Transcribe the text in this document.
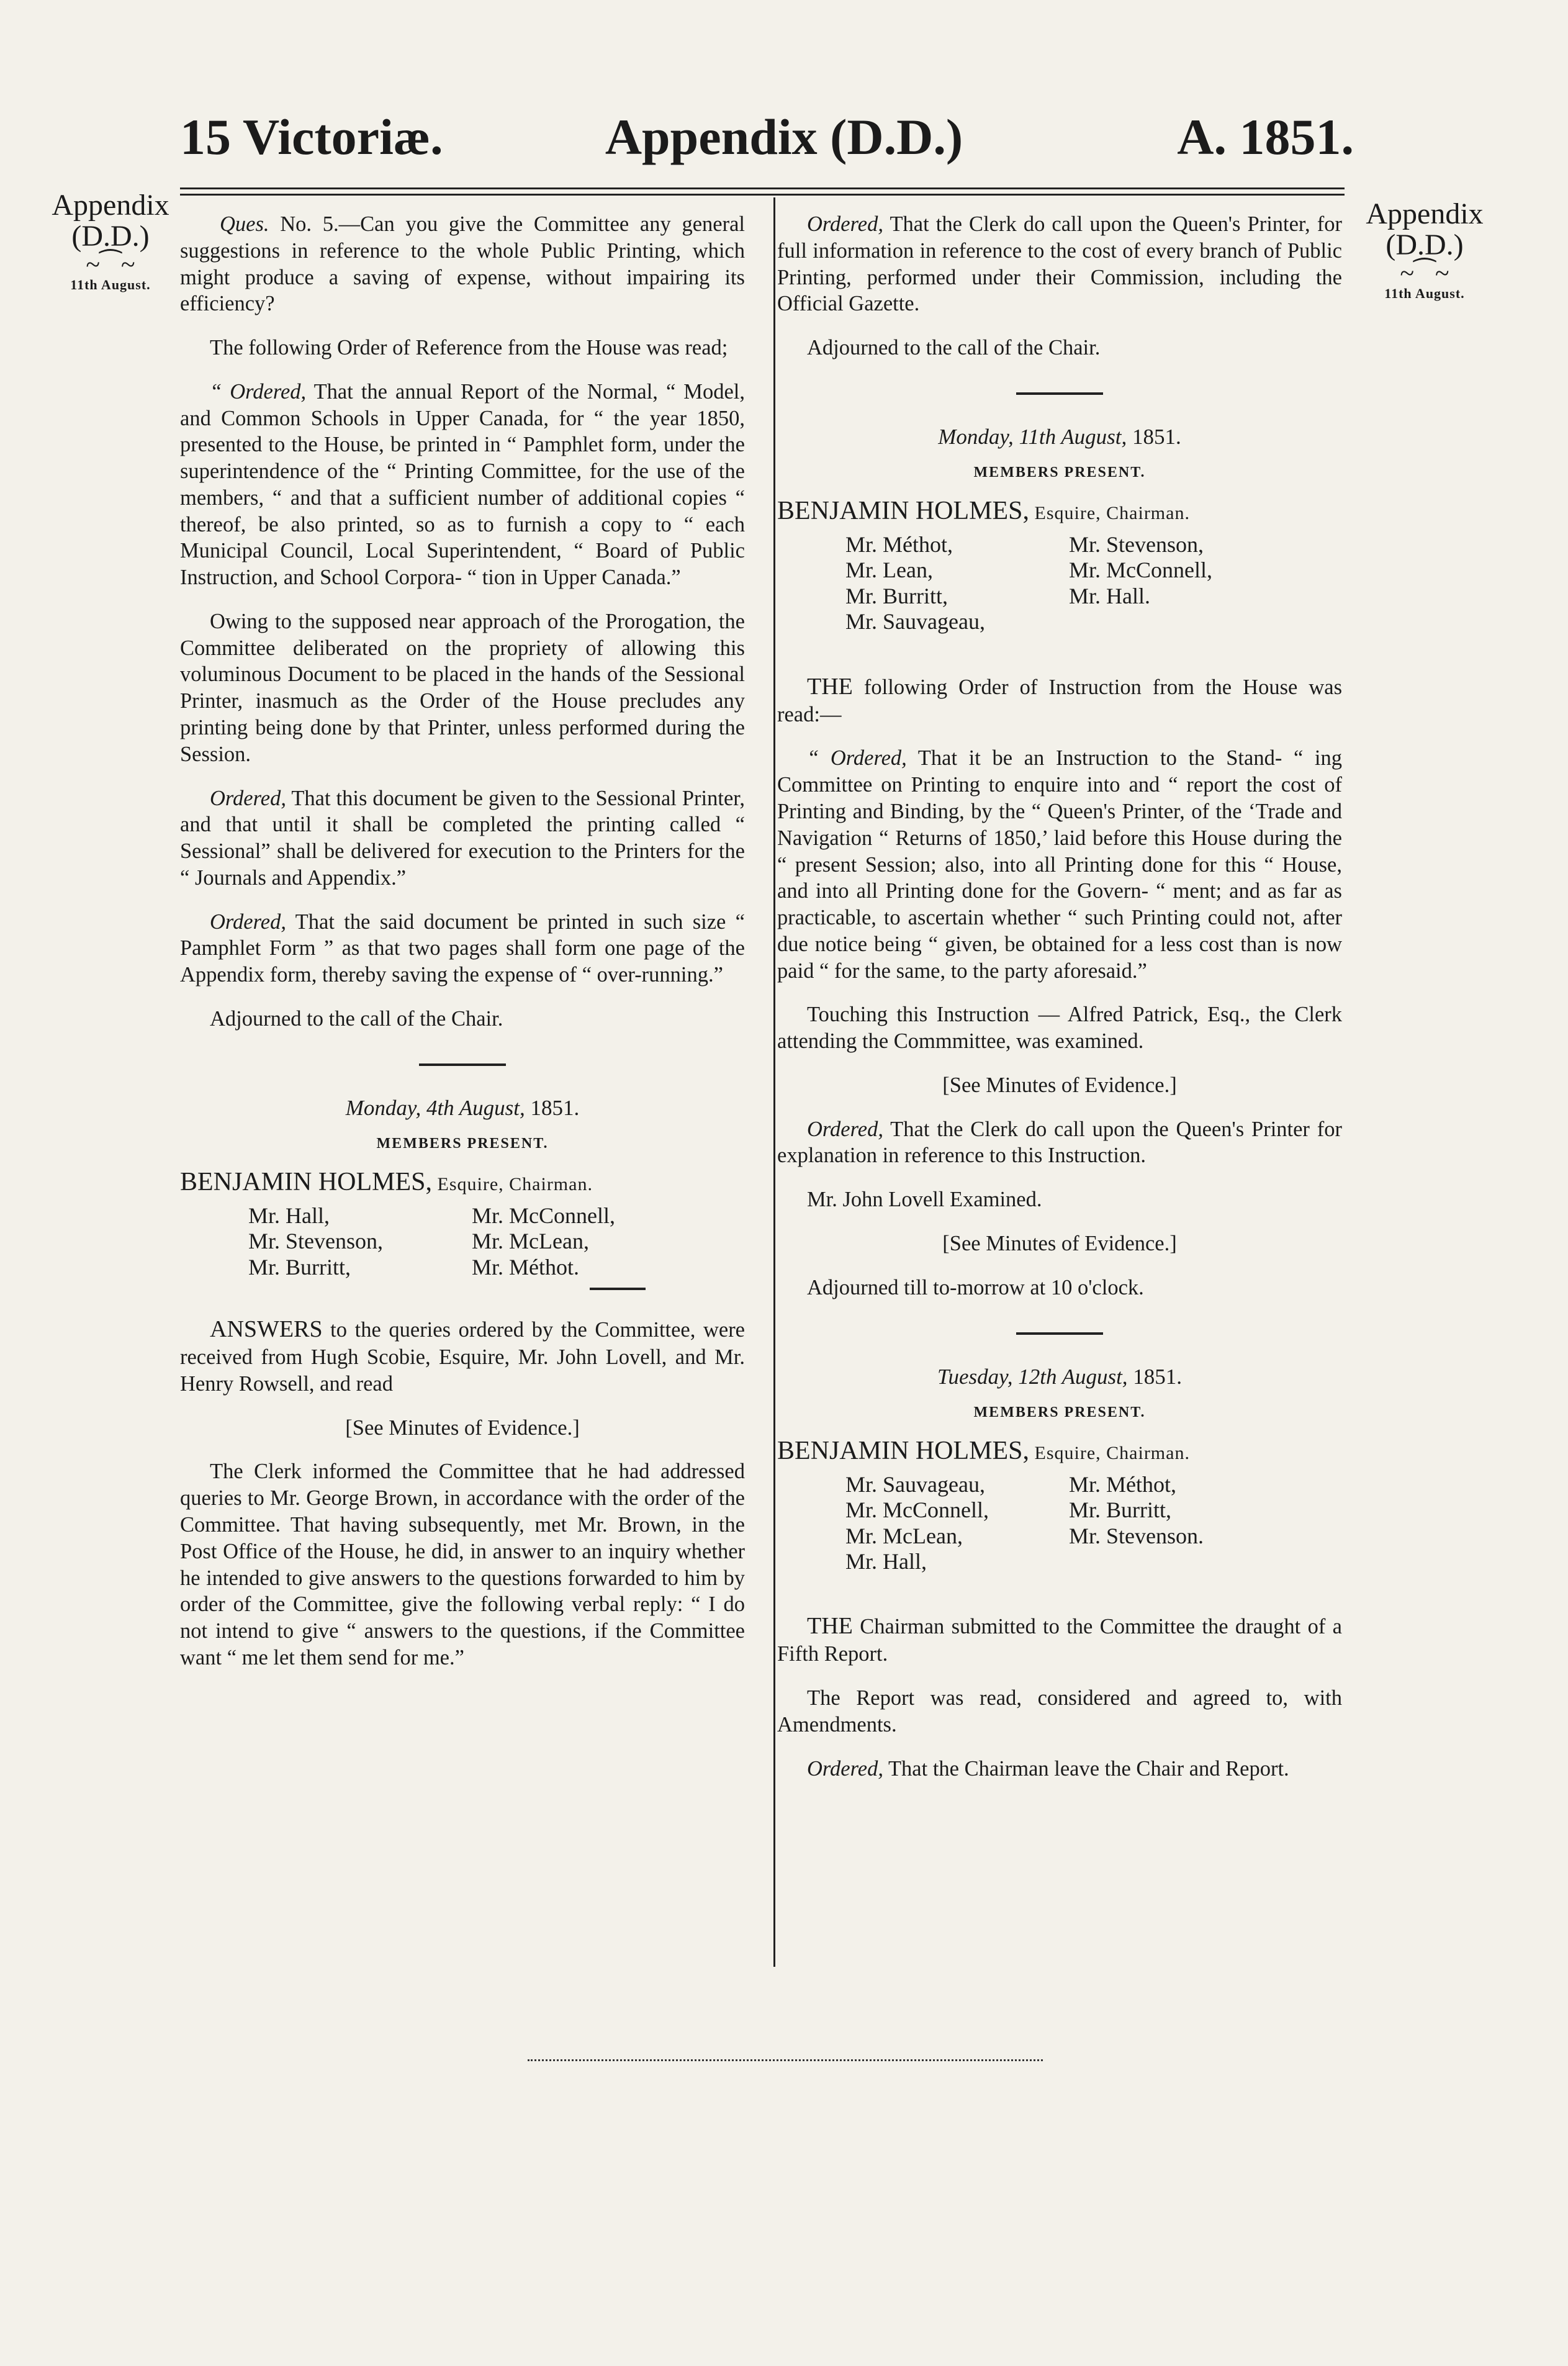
15 Victoriæ.	Appendix (D.D.)	A. 1851.
Appendix
(D.D.)
~⁀~
11th August.
Appendix
(D.D.)
~⁀~
11th August.

Ques. No. 5.—Can you give the Committee any general suggestions in reference to the whole Public Printing, which might produce a saving of expense, without impairing its efficiency?

The following Order of Reference from the House was read;

“ Ordered, That the annual Report of the Normal, “ Model, and Common Schools in Upper Canada, for “ the year 1850, presented to the House, be printed in “ Pamphlet form, under the superintendence of the “ Printing Committee, for the use of the members, “ and that a sufficient number of additional copies “ thereof, be also printed, so as to furnish a copy to “ each Municipal Council, Local Superintendent, “ Board of Public Instruction, and School Corpora- “ tion in Upper Canada.”

Owing to the supposed near approach of the Prorogation, the Committee deliberated on the propriety of allowing this voluminous Document to be placed in the hands of the Sessional Printer, inasmuch as the Order of the House precludes any printing being done by that Printer, unless performed during the Session.

Ordered, That this document be given to the Sessional Printer, and that until it shall be completed the printing called “ Sessional” shall be delivered for execution to the Printers for the “ Journals and Appendix.”

Ordered, That the said document be printed in such size “ Pamphlet Form ” as that two pages shall form one page of the Appendix form, thereby saving the expense of “ over-running.”

Adjourned to the call of the Chair.

Monday, 4th August, 1851.
MEMBERS PRESENT.
BENJAMIN HOLMES, Esquire, Chairman.
Mr. Hall,	Mr. McConnell,
Mr. Stevenson,	Mr. McLean,
Mr. Burritt,	Mr. Méthot.

ANSWERS to the queries ordered by the Committee, were received from Hugh Scobie, Esquire, Mr. John Lovell, and Mr. Henry Rowsell, and read

[See Minutes of Evidence.]

The Clerk informed the Committee that he had addressed queries to Mr. George Brown, in accordance with the order of the Committee. That having subsequently, met Mr. Brown, in the Post Office of the House, he did, in answer to an inquiry whether he intended to give answers to the questions forwarded to him by order of the Committee, give the following verbal reply: “ I do not intend to give “ answers to the questions, if the Committee want “ me let them send for me.”

Ordered, That the Clerk do call upon the Queen's Printer, for full information in reference to the cost of every branch of Public Printing, performed under their Commission, including the Official Gazette.

Adjourned to the call of the Chair.

Monday, 11th August, 1851.
MEMBERS PRESENT.
BENJAMIN HOLMES, Esquire, Chairman.
Mr. Méthot,	Mr. Stevenson,
Mr. Lean,	Mr. McConnell,
Mr. Burritt,	Mr. Hall.
Mr. Sauvageau,

THE following Order of Instruction from the House was read:—

“ Ordered, That it be an Instruction to the Stand- “ ing Committee on Printing to enquire into and “ report the cost of Printing and Binding, by the “ Queen's Printer, of the ‘Trade and Navigation “ Returns of 1850,’ laid before this House during the “ present Session; also, into all Printing done for this “ House, and into all Printing done for the Govern- “ ment; and as far as practicable, to ascertain whether “ such Printing could not, after due notice being “ given, be obtained for a less cost than is now paid “ for the same, to the party aforesaid.”

Touching this Instruction — Alfred Patrick, Esq., the Clerk attending the Commmittee, was examined.

[See Minutes of Evidence.]

Ordered, That the Clerk do call upon the Queen's Printer for explanation in reference to this Instruction.

Mr. John Lovell Examined.

[See Minutes of Evidence.]

Adjourned till to-morrow at 10 o'clock.

Tuesday, 12th August, 1851.
MEMBERS PRESENT.
BENJAMIN HOLMES, Esquire, Chairman.
Mr. Sauvageau,	Mr. Méthot,
Mr. McConnell,	Mr. Burritt,
Mr. McLean,	Mr. Stevenson.
Mr. Hall,

THE Chairman submitted to the Committee the draught of a Fifth Report.

The Report was read, considered and agreed to, with Amendments.

Ordered, That the Chairman leave the Chair and Report.
